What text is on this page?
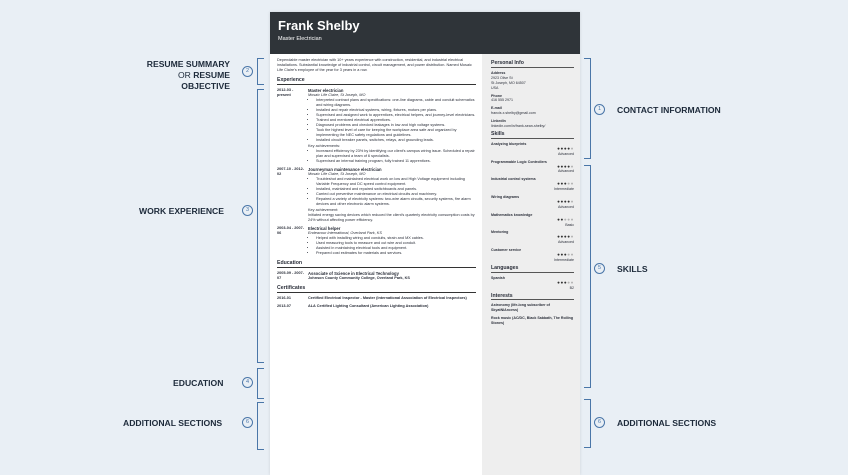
RESUME SUMMARY
OR RESUME OBJECTIVE
2
WORK EXPERIENCE	3
EDUCATION	4
ADDITIONAL SECTIONS	6
1	CONTACT INFORMATION
5	SKILLS
6	ADDITIONAL SECTIONS
Frank Shelby
Master Electrician
Dependable master electrician with 10+ years experience with construction, residential, and industrial electrical installations. Substantial knowledge of industrial control, circuit management, and power distribution. Named Mosaic Life Claire's employee of the year for 3 years in a row.
Experience
2012-03 - present
Master electrician
Mosaic Life Claire, St Joseph, MO
• Interpreted contract plans and specifications: one-line diagrams, cable and conduit schematics and wiring diagrams.
• Installed and repair electrical systems, wiring, fixtures, motors per plans.
• Supervised and assigned work to apprentices, electrical helpers, and journey-level electricians.
• Trained and mentored electrical apprentices.
• Diagnosed problems and checked leakages in low and high voltage systems.
• Took the highest level of care for keeping the workplace area safe and organized by implementing the NEC safety regulations and guidelines.
• Installed circuit breaker panels, switches, relays, and grounding leads.
Key achievements:
• Increased efficiency by 23% by identifying our client's campus wiring issue. Scheduled a repair plan and supervised a team of 6 specialists.
• Supervised an internal training program, fully trained 11 apprentices.
2007-10 - 2012-02
Journeyman maintenance electrician
Mosaic Life Claire, St Joseph, MO
• Troubleshot and maintained electrical work on low and High Voltage equipment including Variable Frequency and DC speed control equipment.
• Installed, maintained and repaired switchboards and panels.
• Carried out preventive maintenance on electrical circuits and machinery.
• Repaired a variety of electricity systems: two-wire alarm circuits, security systems, fire alarm devices and other electronic alarm systems.
Key achievement:
Initiated energy saving devices which reduced the client's quarterly electricity consumption costs by 24% without affecting power efficiency.
2003-04 - 2007-06
Electrical helper
Endeavour International, Overland Park, KS
• Helped with installing wiring and conduits, strain and MX cables.
• Used measuring tools to measure and cut wire and conduit.
• Assisted in maintaining electrical tools and equipment.
• Prepared cost estimates for materials and services.
Education
2005-09 - 2007-07
Associate of Science in Electrical Technology
Johnson County Community College, Overland Park, KS
Certificates
2016-01	Certified Electrical Inspector - Master (International Association of Electrical Inspectors)
2013-07	ALA Certified Lighting Consultant (American Lighting Association)
Personal Info
Address
2923 Olive St
St Joseph, MO 64507
USA
Phone
416 555 2971
E-mail
francis.x.shelby@gmail.com
LinkedIn
linkedin.com/in/frank-sean-shelby/
Skills
Analyzing blueprints
●●●●●
Advanced
Programmable Logic Controllers
●●●●●
Advanced
Industrial control systems
●●●●●
Intermediate
Wiring diagrams
●●●●●
Advanced
Mathematics knowledge
●●●●●
Basic
Mentoring
●●●●●
Advanced
Customer service
●●●●●
Intermediate
Languages
Spanish
●●●●●
B2
Interests
Astronomy (life-long subscriber of SkyatNIAncess)
Rock music (AC/DC, Black Sabbath, The Rolling Stones)
